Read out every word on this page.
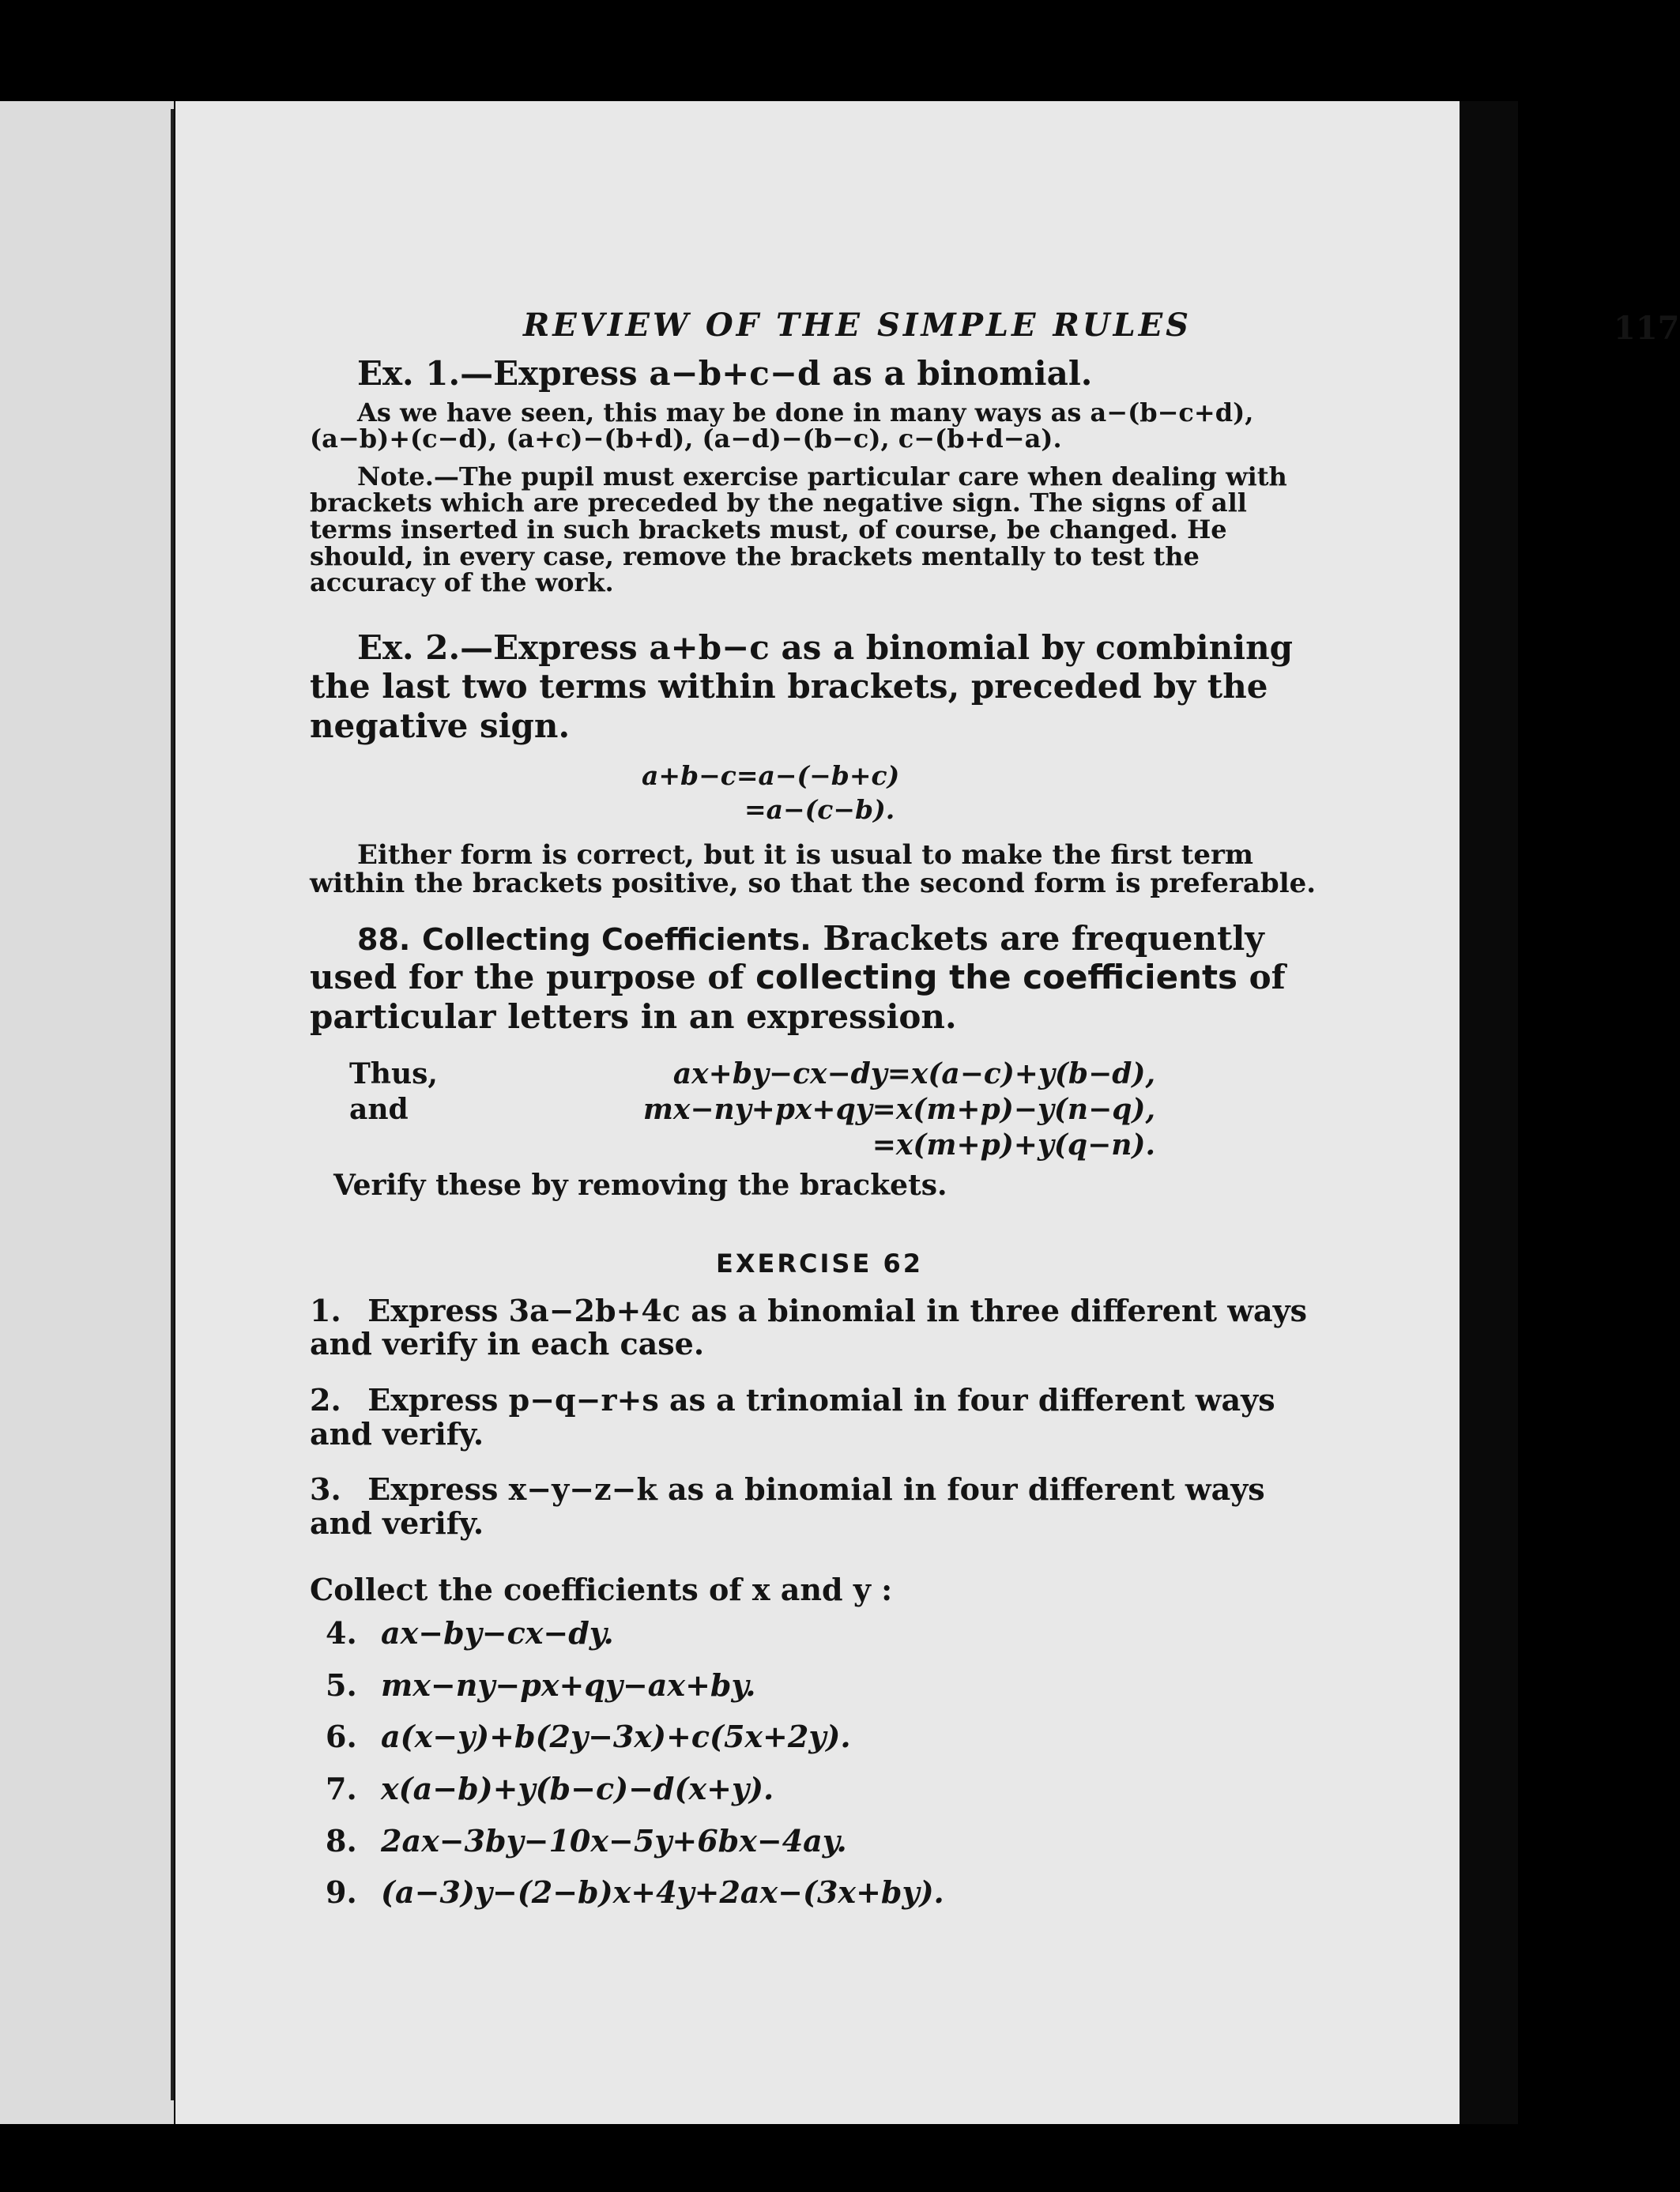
REVIEW OF THE SIMPLE RULES	117

Ex. 1.—Express a−b+c−d as a binomial.

As we have seen, this may be done in many ways as a−(b−c+d), (a−b)+(c−d), (a+c)−(b+d), (a−d)−(b−c), c−(b+d−a).

Note.—The pupil must exercise particular care when dealing with brackets which are preceded by the negative sign. The signs of all terms inserted in such brackets must, of course, be changed. He should, in every case, remove the brackets mentally to test the accuracy of the work.

Ex. 2.—Express a+b−c as a binomial by combining the last two terms within brackets, preceded by the negative sign.

a+b−c=a−(−b+c)
=a−(c−b).

Either form is correct, but it is usual to make the first term within the brackets positive, so that the second form is preferable.

88. Collecting Coefficients. Brackets are frequently used for the purpose of collecting the coefficients of particular letters in an expression.

Thus,	ax+by−cx−dy=x(a−c)+y(b−d),
and	mx−ny+px+qy=x(m+p)−y(n−q),
=x(m+p)+y(q−n).

Verify these by removing the brackets.

EXERCISE 62
1. Express 3a−2b+4c as a binomial in three different ways and verify in each case.
2. Express p−q−r+s as a trinomial in four different ways and verify.
3. Express x−y−z−k as a binomial in four different ways and verify.
Collect the coefficients of x and y :
4. ax−by−cx−dy.
5. mx−ny−px+qy−ax+by.
6. a(x−y)+b(2y−3x)+c(5x+2y).
7. x(a−b)+y(b−c)−d(x+y).
8. 2ax−3by−10x−5y+6bx−4ay.
9. (a−3)y−(2−b)x+4y+2ax−(3x+by).
